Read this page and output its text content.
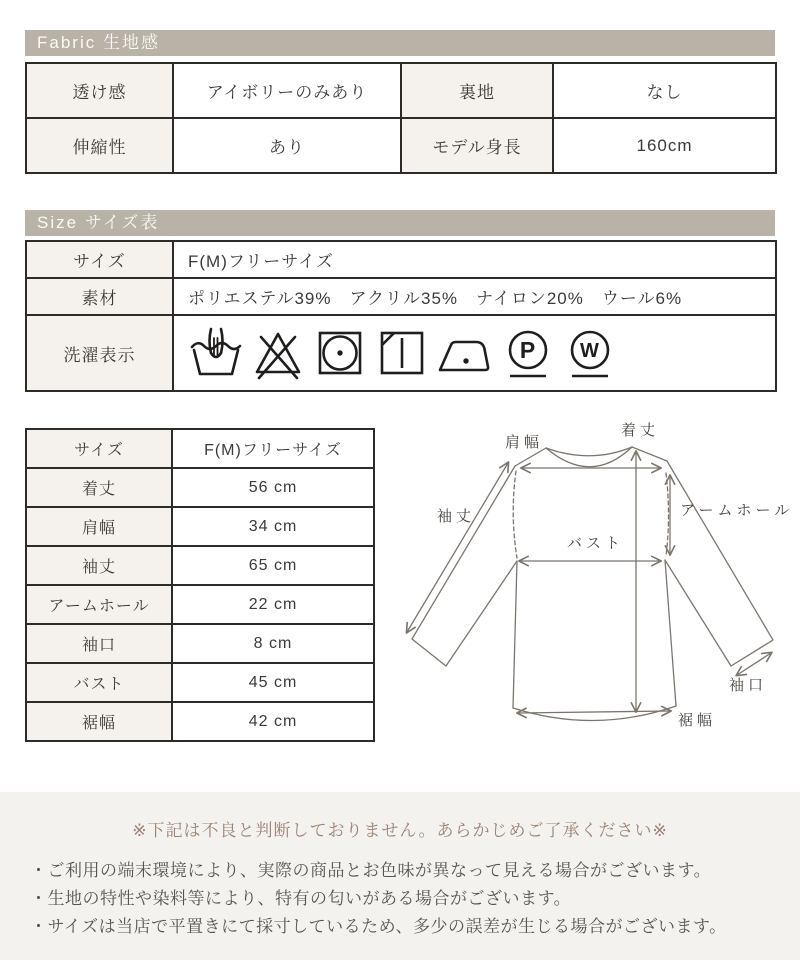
Fabric 生地感
透け感	アイボリーのみあり	裏地	なし
伸縮性	あり	モデル身長	160cm
Size サイズ表
サイズ	F(M)フリーサイズ
素材	ポリエステル39%　アクリル35%　ナイロン20%　ウール6%
洗濯表示	P W
サイズ	F(M)フリーサイズ
着丈	56 cm
肩幅	34 cm
袖丈	65 cm
アームホール	22 cm
袖口	8 cm
バスト	45 cm
裾幅	42 cm
着丈
肩幅
袖丈
バスト
アームホール
袖口
裾幅
※下記は不良と判断しておりません。あらかじめご了承ください※

・ご利用の端末環境により、実際の商品とお色味が異なって見える場合がございます。

・生地の特性や染料等により、特有の匂いがある場合がございます。

・サイズは当店で平置きにて採寸しているため、多少の誤差が生じる場合がございます。
